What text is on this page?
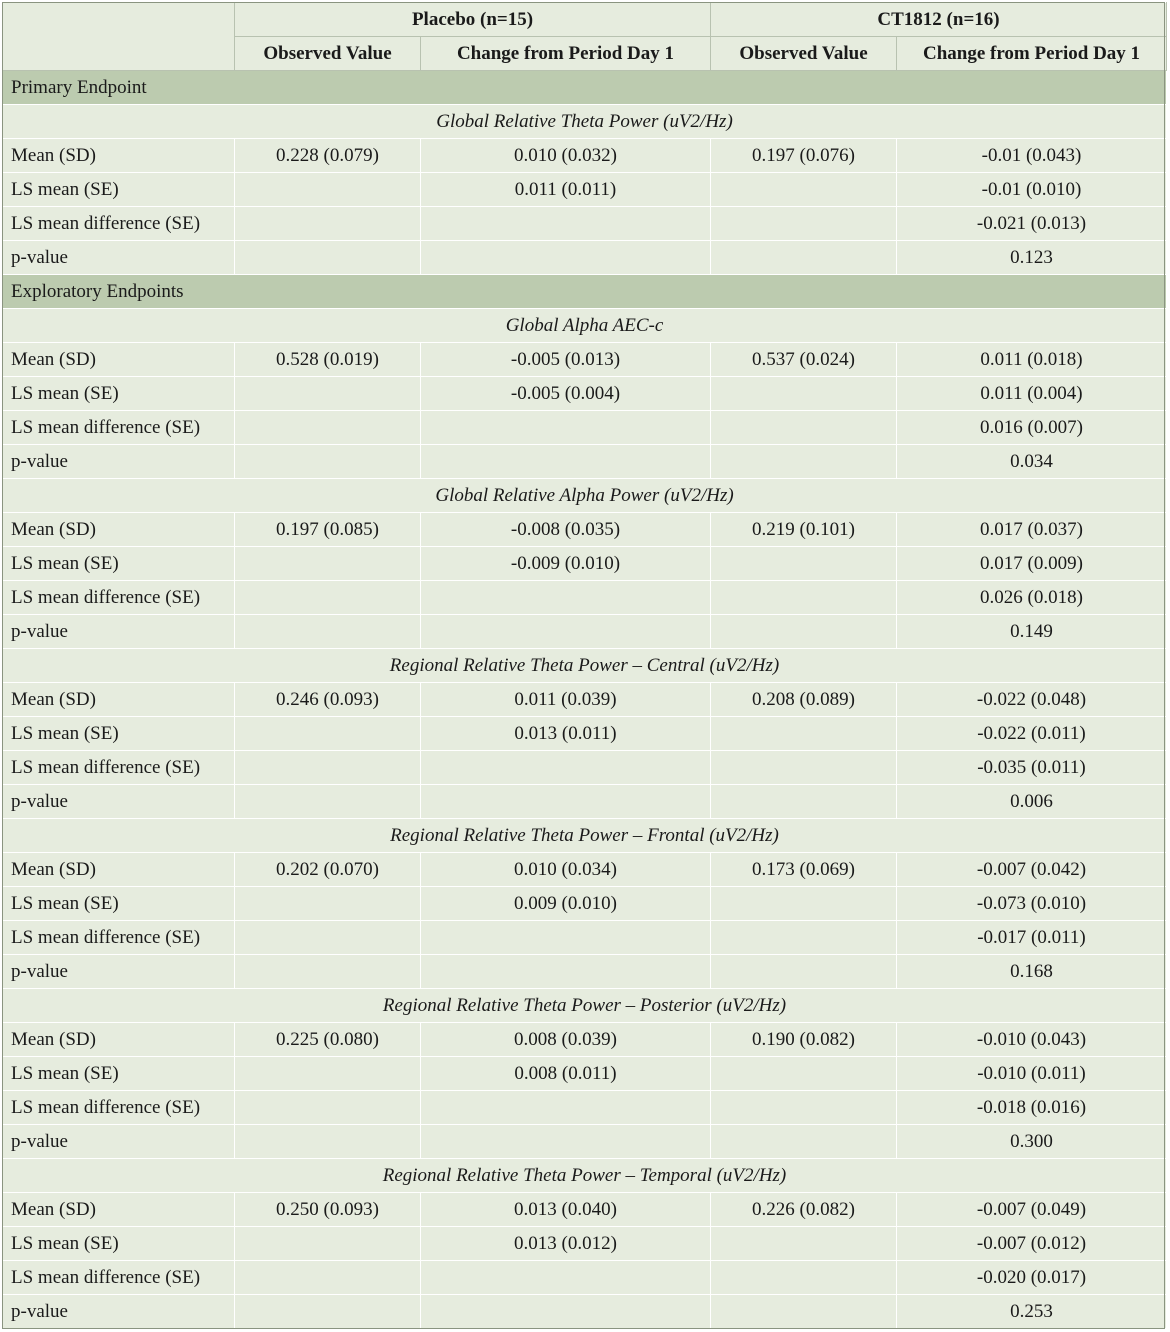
	Placebo (n=15)		CT1812 (n=16)	
	Observed Value	Change from Period Day 1	Observed Value	Change from Period Day 1
Primary Endpoint				
Global Relative Theta Power (uV2/Hz)				
Mean (SD)	0.228 (0.079)	0.010 (0.032)	0.197 (0.076)	-0.01 (0.043)
LS mean (SE)		0.011 (0.011)		-0.01 (0.010)
LS mean difference (SE)				-0.021 (0.013)
p-value				0.123
Exploratory Endpoints				
Global Alpha AEC-c				
Mean (SD)	0.528 (0.019)	-0.005 (0.013)	0.537 (0.024)	0.011 (0.018)
LS mean (SE)		-0.005 (0.004)		0.011 (0.004)
LS mean difference (SE)				0.016 (0.007)
p-value				0.034
Global Relative Alpha Power (uV2/Hz)				
Mean (SD)	0.197 (0.085)	-0.008 (0.035)	0.219 (0.101)	0.017 (0.037)
LS mean (SE)		-0.009 (0.010)		0.017 (0.009)
LS mean difference (SE)				0.026 (0.018)
p-value				0.149
Regional Relative Theta Power – Central (uV2/Hz)				
Mean (SD)	0.246 (0.093)	0.011 (0.039)	0.208 (0.089)	-0.022 (0.048)
LS mean (SE)		0.013 (0.011)		-0.022 (0.011)
LS mean difference (SE)				-0.035 (0.011)
p-value				0.006
Regional Relative Theta Power – Frontal (uV2/Hz)				
Mean (SD)	0.202 (0.070)	0.010 (0.034)	0.173 (0.069)	-0.007 (0.042)
LS mean (SE)		0.009 (0.010)		-0.073 (0.010)
LS mean difference (SE)				-0.017 (0.011)
p-value				0.168
Regional Relative Theta Power – Posterior (uV2/Hz)				
Mean (SD)	0.225 (0.080)	0.008 (0.039)	0.190 (0.082)	-0.010 (0.043)
LS mean (SE)		0.008 (0.011)		-0.010 (0.011)
LS mean difference (SE)				-0.018 (0.016)
p-value				0.300
Regional Relative Theta Power – Temporal (uV2/Hz)				
Mean (SD)	0.250 (0.093)	0.013 (0.040)	0.226 (0.082)	-0.007 (0.049)
LS mean (SE)		0.013 (0.012)		-0.007 (0.012)
LS mean difference (SE)				-0.020 (0.017)
p-value				0.253
